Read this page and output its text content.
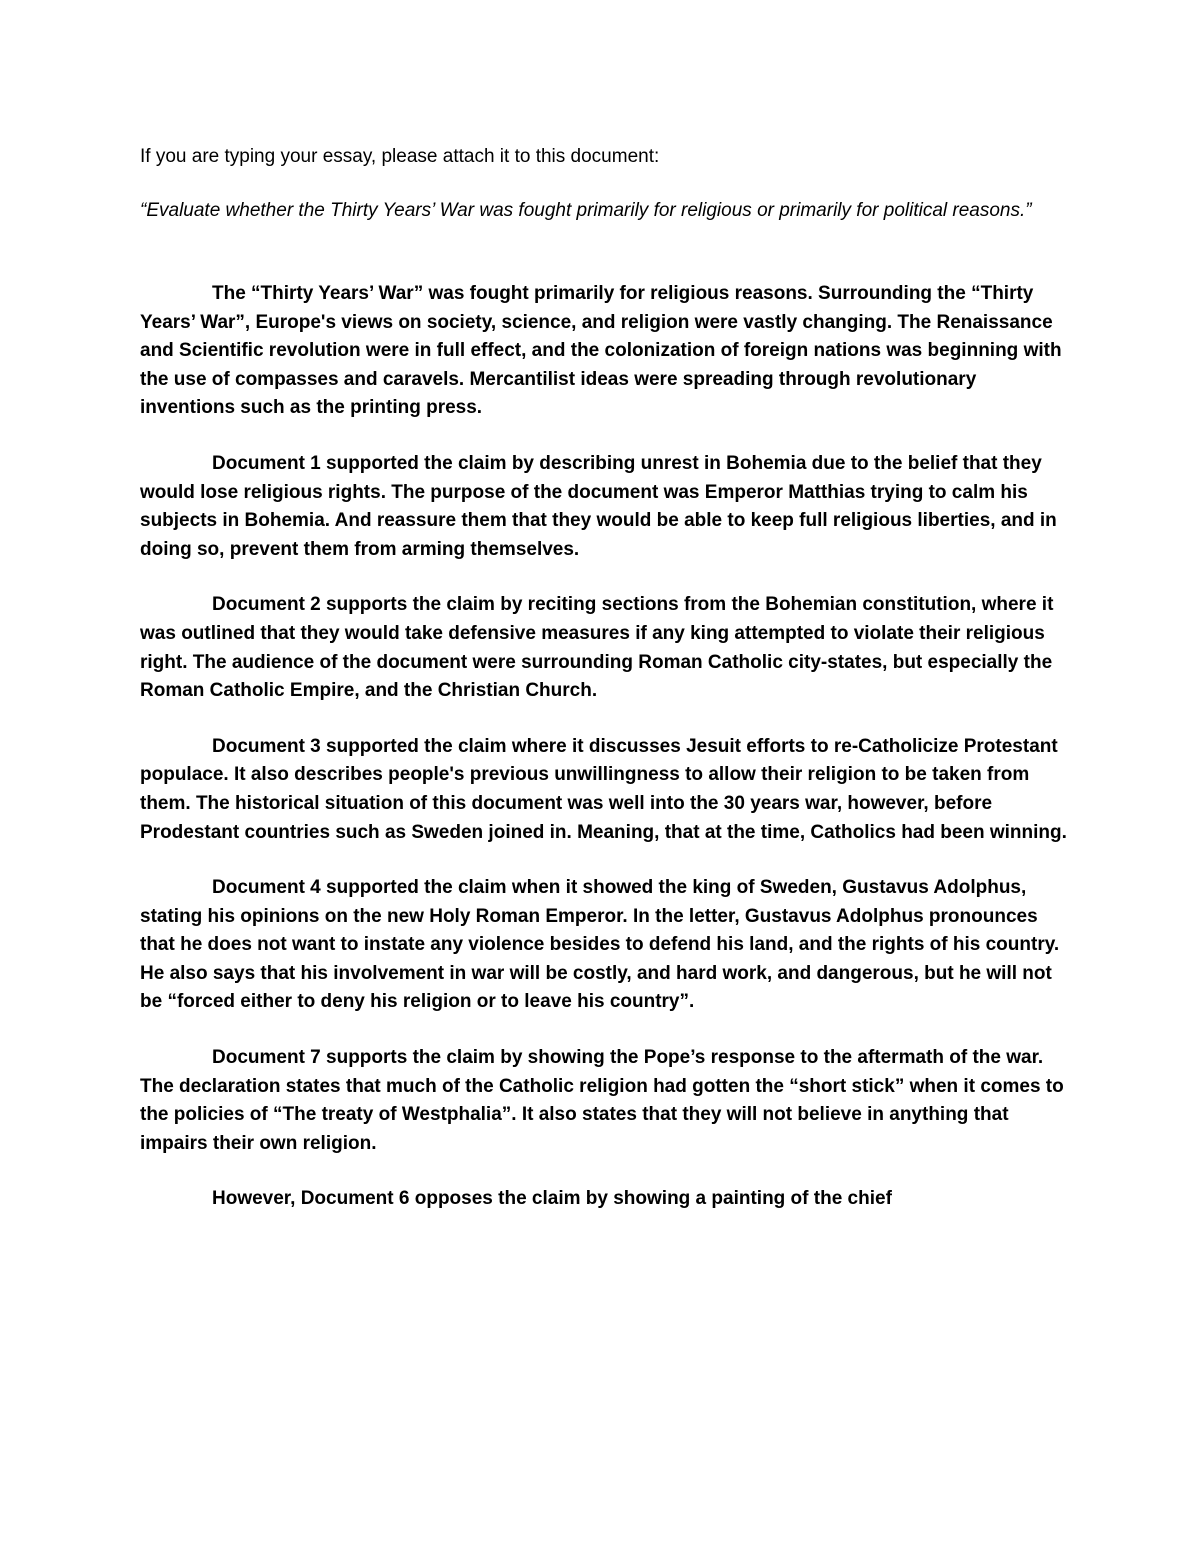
If you are typing your essay, please attach it to this document:

“Evaluate whether the Thirty Years’ War was fought primarily for religious or primarily for political reasons.”

The “Thirty Years’ War” was fought primarily for religious reasons. Surrounding the “Thirty Years’ War”, Europe's views on society, science, and religion were vastly changing. The Renaissance and Scientific revolution were in full effect, and the colonization of foreign nations was beginning with the use of compasses and caravels. Mercantilist ideas were spreading through revolutionary inventions such as the printing press.

Document 1 supported the claim by describing unrest in Bohemia due to the belief that they would lose religious rights. The purpose of the document was Emperor Matthias trying to calm his subjects in Bohemia. And reassure them that they would be able to keep full religious liberties, and in doing so, prevent them from arming themselves.

Document 2 supports the claim by reciting sections from the Bohemian constitution, where it was outlined that they would take defensive measures if any king attempted to violate their religious right. The audience of the document were surrounding Roman Catholic city-states, but especially the Roman Catholic Empire, and the Christian Church.

Document 3 supported the claim where it discusses Jesuit efforts to re-Catholicize Protestant populace. It also describes people's previous unwillingness to allow their religion to be taken from them. The historical situation of this document was well into the 30 years war, however, before Prodestant countries such as Sweden joined in. Meaning, that at the time, Catholics had been winning.

Document 4 supported the claim when it showed the king of Sweden, Gustavus Adolphus, stating his opinions on the new Holy Roman Emperor. In the letter, Gustavus Adolphus pronounces that he does not want to instate any violence besides to defend his land, and the rights of his country. He also says that his involvement in war will be costly, and hard work, and dangerous, but he will not be “forced either to deny his religion or to leave his country”.

Document 7 supports the claim by showing the Pope’s response to the aftermath of the war. The declaration states that much of the Catholic religion had gotten the “short stick” when it comes to the policies of “The treaty of Westphalia”. It also states that they will not believe in anything that impairs their own religion.

However, Document 6 opposes the claim by showing a painting of the chief
